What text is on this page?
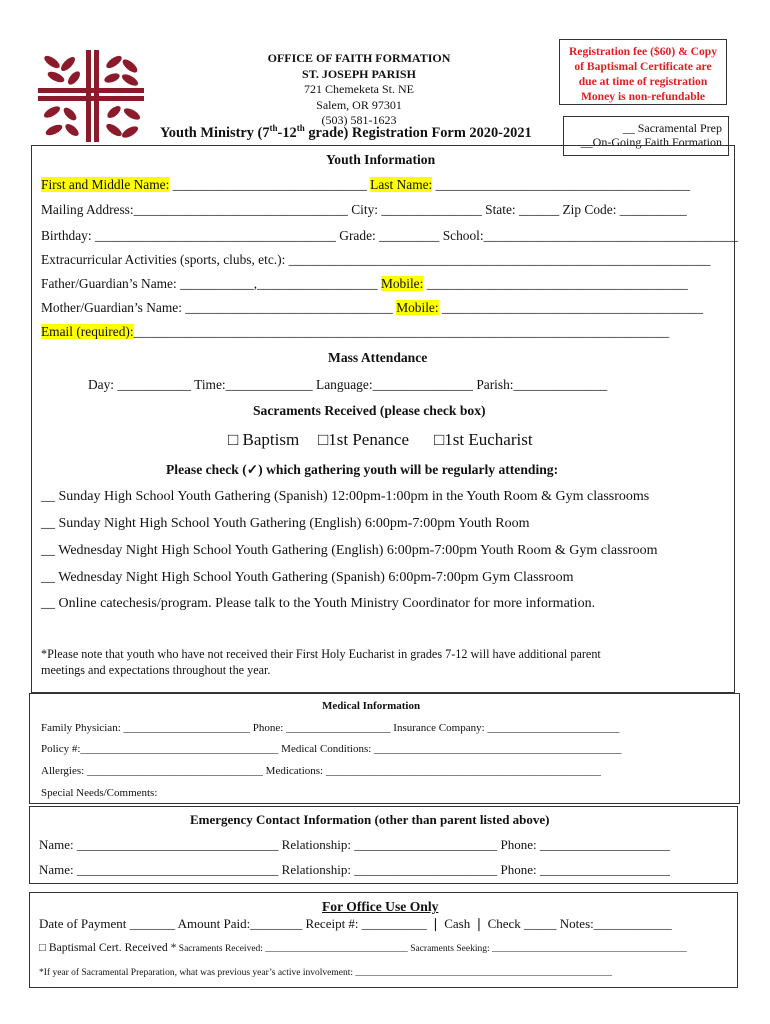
OFFICE OF FAITH FORMATION
ST. JOSEPH PARISH
721 Chemeketa St. NE
Salem, OR 97301
(503) 581-1623
Registration fee ($60) & Copy
of Baptismal Certificate are
due at time of registration
Money is non-refundable
__ Sacramental Prep
__On-Going Faith Formation
Youth Ministry (7th-12th grade) Registration Form 2020-2021
Youth Information
First and Middle Name: _____________________________ Last Name: ______________________________________
Mailing Address:________________________________ City: _______________ State: ______ Zip Code: __________
Birthday: ____________________________________ Grade: _________ School:______________________________________
Extracurricular Activities (sports, clubs, etc.): _______________________________________________________________
Father/Guardian’s Name: ___________,__________________ Mobile: _______________________________________
Mother/Guardian’s Name: _______________________________ Mobile: _______________________________________
Email (required):________________________________________________________________________________
Mass Attendance
Day: ___________ Time:_____________ Language:_______________ Parish:______________
Sacraments Received (please check box)
□ Baptism □1st Penance □1st Eucharist
Please check (✓) which gathering youth will be regularly attending:
__ Sunday High School Youth Gathering (Spanish) 12:00pm-1:00pm in the Youth Room & Gym classrooms
__ Sunday Night High School Youth Gathering (English) 6:00pm-7:00pm Youth Room
__ Wednesday Night High School Youth Gathering (English) 6:00pm-7:00pm Youth Room & Gym classroom
__ Wednesday Night High School Youth Gathering (Spanish) 6:00pm-7:00pm Gym Classroom
__ Online catechesis/program. Please talk to the Youth Ministry Coordinator for more information.
*Please note that youth who have not received their First Holy Eucharist in grades 7-12 will have additional parent
meetings and expectations throughout the year.
Medical Information
Family Physician: _______________________ Phone: ___________________ Insurance Company: ________________________
Policy #:____________________________________ Medical Conditions: _____________________________________________
Allergies: ________________________________ Medications: __________________________________________________
Special Needs/Comments:
Emergency Contact Information (other than parent listed above)
Name: _______________________________ Relationship: ______________________ Phone: ____________________
Name: _______________________________ Relationship: ______________________ Phone: ____________________
For Office Use Only
Date of Payment _______ Amount Paid:________ Receipt #: __________ ❘ Cash ❘ Check _____ Notes:____________
□ Baptismal Cert. Received * Sacraments Received: ______________________________ Sacraments Seeking: _________________________________________
*If year of Sacramental Preparation, what was previous year’s active involvement: ______________________________________________________
